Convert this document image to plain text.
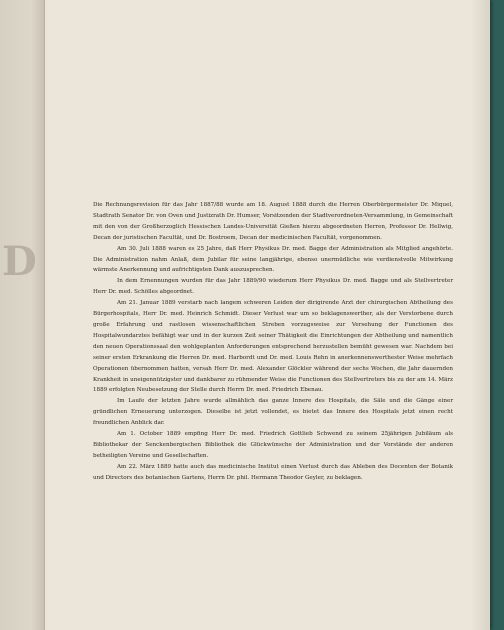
D

Die Rechnungsrevision für das Jahr 1887/88 wurde am 18. August 1888 durch die Herren Oberbürgermeister Dr. Miquel, Stadtrath Senator Dr. von Oven und Justizrath Dr. Humser, Vorsitzenden der Stadtverordneten-Versammlung, in Gemeinschaft mit den von der Großherzoglich Hessischen Landes-Universität Gießen hierzu abgeordneten Herren, Professor Dr. Hellwig, Decan der juristischen Facultät, und Dr. Bostroem, Decan der medicinischen Facultät, vorgenommen.

Am 30. Juli 1888 waren es 25 Jahre, daß Herr Physikus Dr. med. Bagge der Administration als Mitglied angehörte. Die Administration nahm Anlaß, dem Jubilar für seine langjährige, ebenso unermüdliche wie verdienstvolle Mitwirkung wärmste Anerkennung und aufrichtigsten Dank auszusprechen.

In dem Ernennungen wurden für das Jahr 1889/90 wiederum Herr Physikus Dr. med. Bagge und als Stellvertreter Herr Dr. med. Schölles abgeordnet.

Am 21. Januar 1889 verstarb nach langem schweren Leiden der dirigirende Arzt der chirurgischen Abtheilung des Bürgerhospitals, Herr Dr. med. Heinrich Schmidt. Dieser Verlust war um so beklagenswerther, als der Verstorbene durch große Erfahrung und rastlosen wissenschaftlichen Streben vorzugsweise zur Versehung der Functionen des Hospitalwundarztes befähigt war und in der kurzen Zeit seiner Thätigkeit die Einrichtungen der Abtheilung und namentlich den neuen Operationssaal den wohlgeplanten Anforderungen entsprechend herzustellen bemüht gewesen war. Nachdem bei seiner ersten Erkrankung die Herren Dr. med. Harbordt und Dr. med. Louis Rehn in anerkennenswerthester Weise mehrfach Operationen übernommen hatten, versah Herr Dr. med. Alexander Glöckler während der sechs Wochen, die Jahr dauernden Krankheit in uneigennützigster und dankbarer zu rühmender Weise die Functionen des Stellvertreters bis zu der am 14. März 1889 erfolgten Neubesetzung der Stelle durch Herrn Dr. med. Friedrich Ebenau.

Im Laufe der letzten Jahre wurde allmählich das ganze Innere des Hospitals, die Säle und die Gänge einer gründlichen Erneuerung unterzogen. Dieselbe ist jetzt vollendet, es bietet das Innere des Hospitals jetzt einen recht freundlichen Anblick dar.

Am 1. October 1889 empfing Herr Dr. med. Friedrich Gottlieb Schwend zu seinem 25jährigen Jubiläum als Bibliothekar der Senckenbergischen Bibliothek die Glückwünsche der Administration und der Vorstände der anderen betheiligten Vereine und Gesellschaften.

Am 22. März 1889 hatte auch das medicinische Institut einen Verlust durch das Ableben des Docenten der Botanik und Directors des botanischen Gartens, Herrn Dr. phil. Hermann Theodor Geyler, zu beklagen.
